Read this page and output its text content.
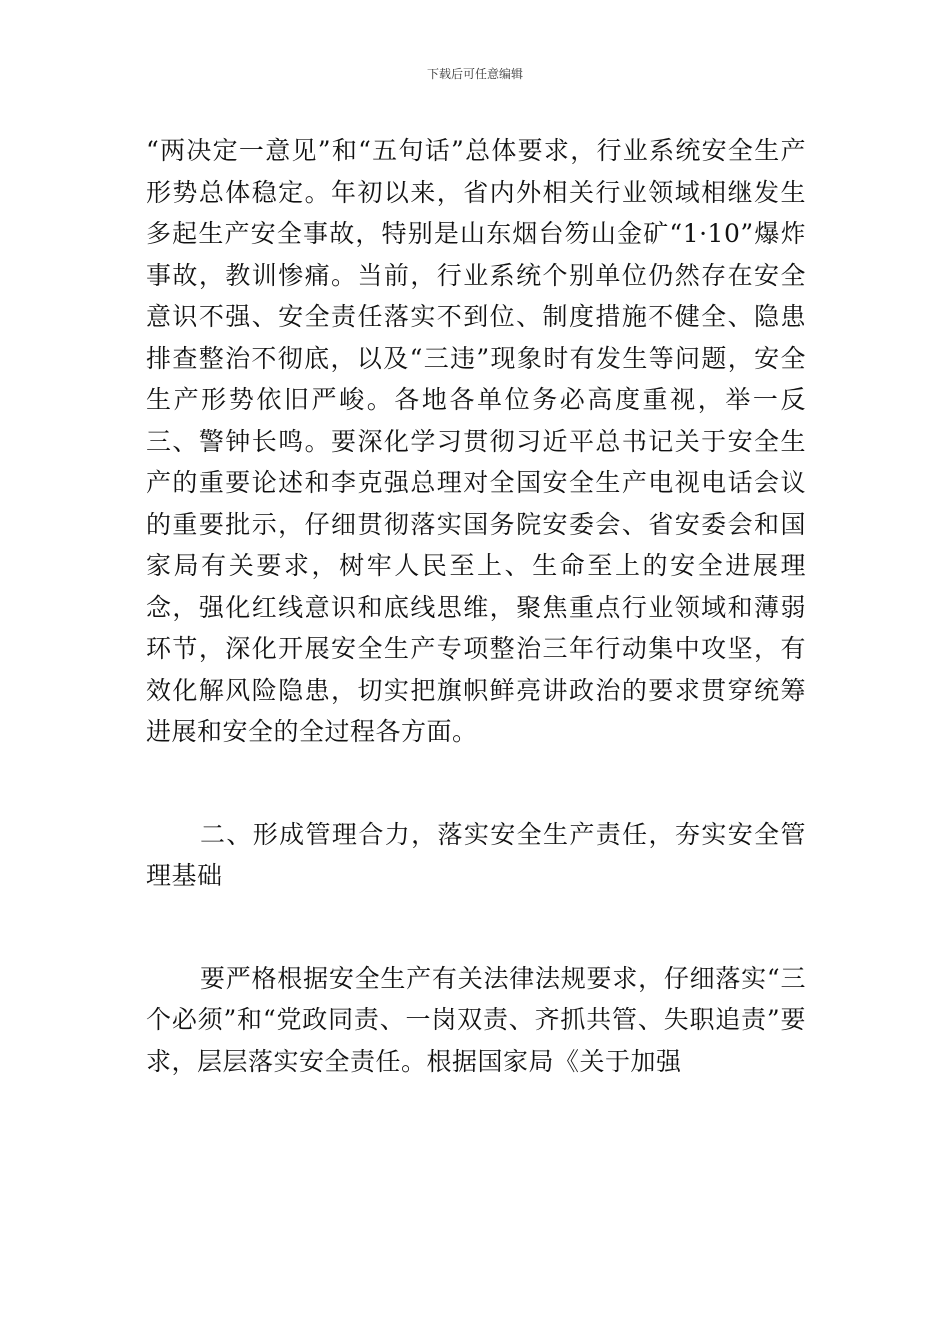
下载后可任意编辑

“两决定一意见”和“五句话”总体要求，行业系统安全生产形势总体稳定。年初以来，省内外相关行业领域相继发生多起生产安全事故，特别是山东烟台笏山金矿“1·10”爆炸事故，教训惨痛。当前，行业系统个别单位仍然存在安全意识不强、安全责任落实不到位、制度措施不健全、隐患排查整治不彻底，以及“三违”现象时有发生等问题，安全生产形势依旧严峻。各地各单位务必高度重视，举一反三、警钟长鸣。要深化学习贯彻习近平总书记关于安全生产的重要论述和李克强总理对全国安全生产电视电话会议的重要批示，仔细贯彻落实国务院安委会、省安委会和国家局有关要求，树牢人民至上、生命至上的安全进展理念，强化红线意识和底线思维，聚焦重点行业领域和薄弱环节，深化开展安全生产专项整治三年行动集中攻坚，有效化解风险隐患，切实把旗帜鲜亮讲政治的要求贯穿统筹进展和安全的全过程各方面。

二、形成管理合力，落实安全生产责任，夯实安全管理基础

要严格根据安全生产有关法律法规要求，仔细落实“三个必须”和“党政同责、一岗双责、齐抓共管、失职追责”要求，层层落实安全责任。根据国家局《关于加强
